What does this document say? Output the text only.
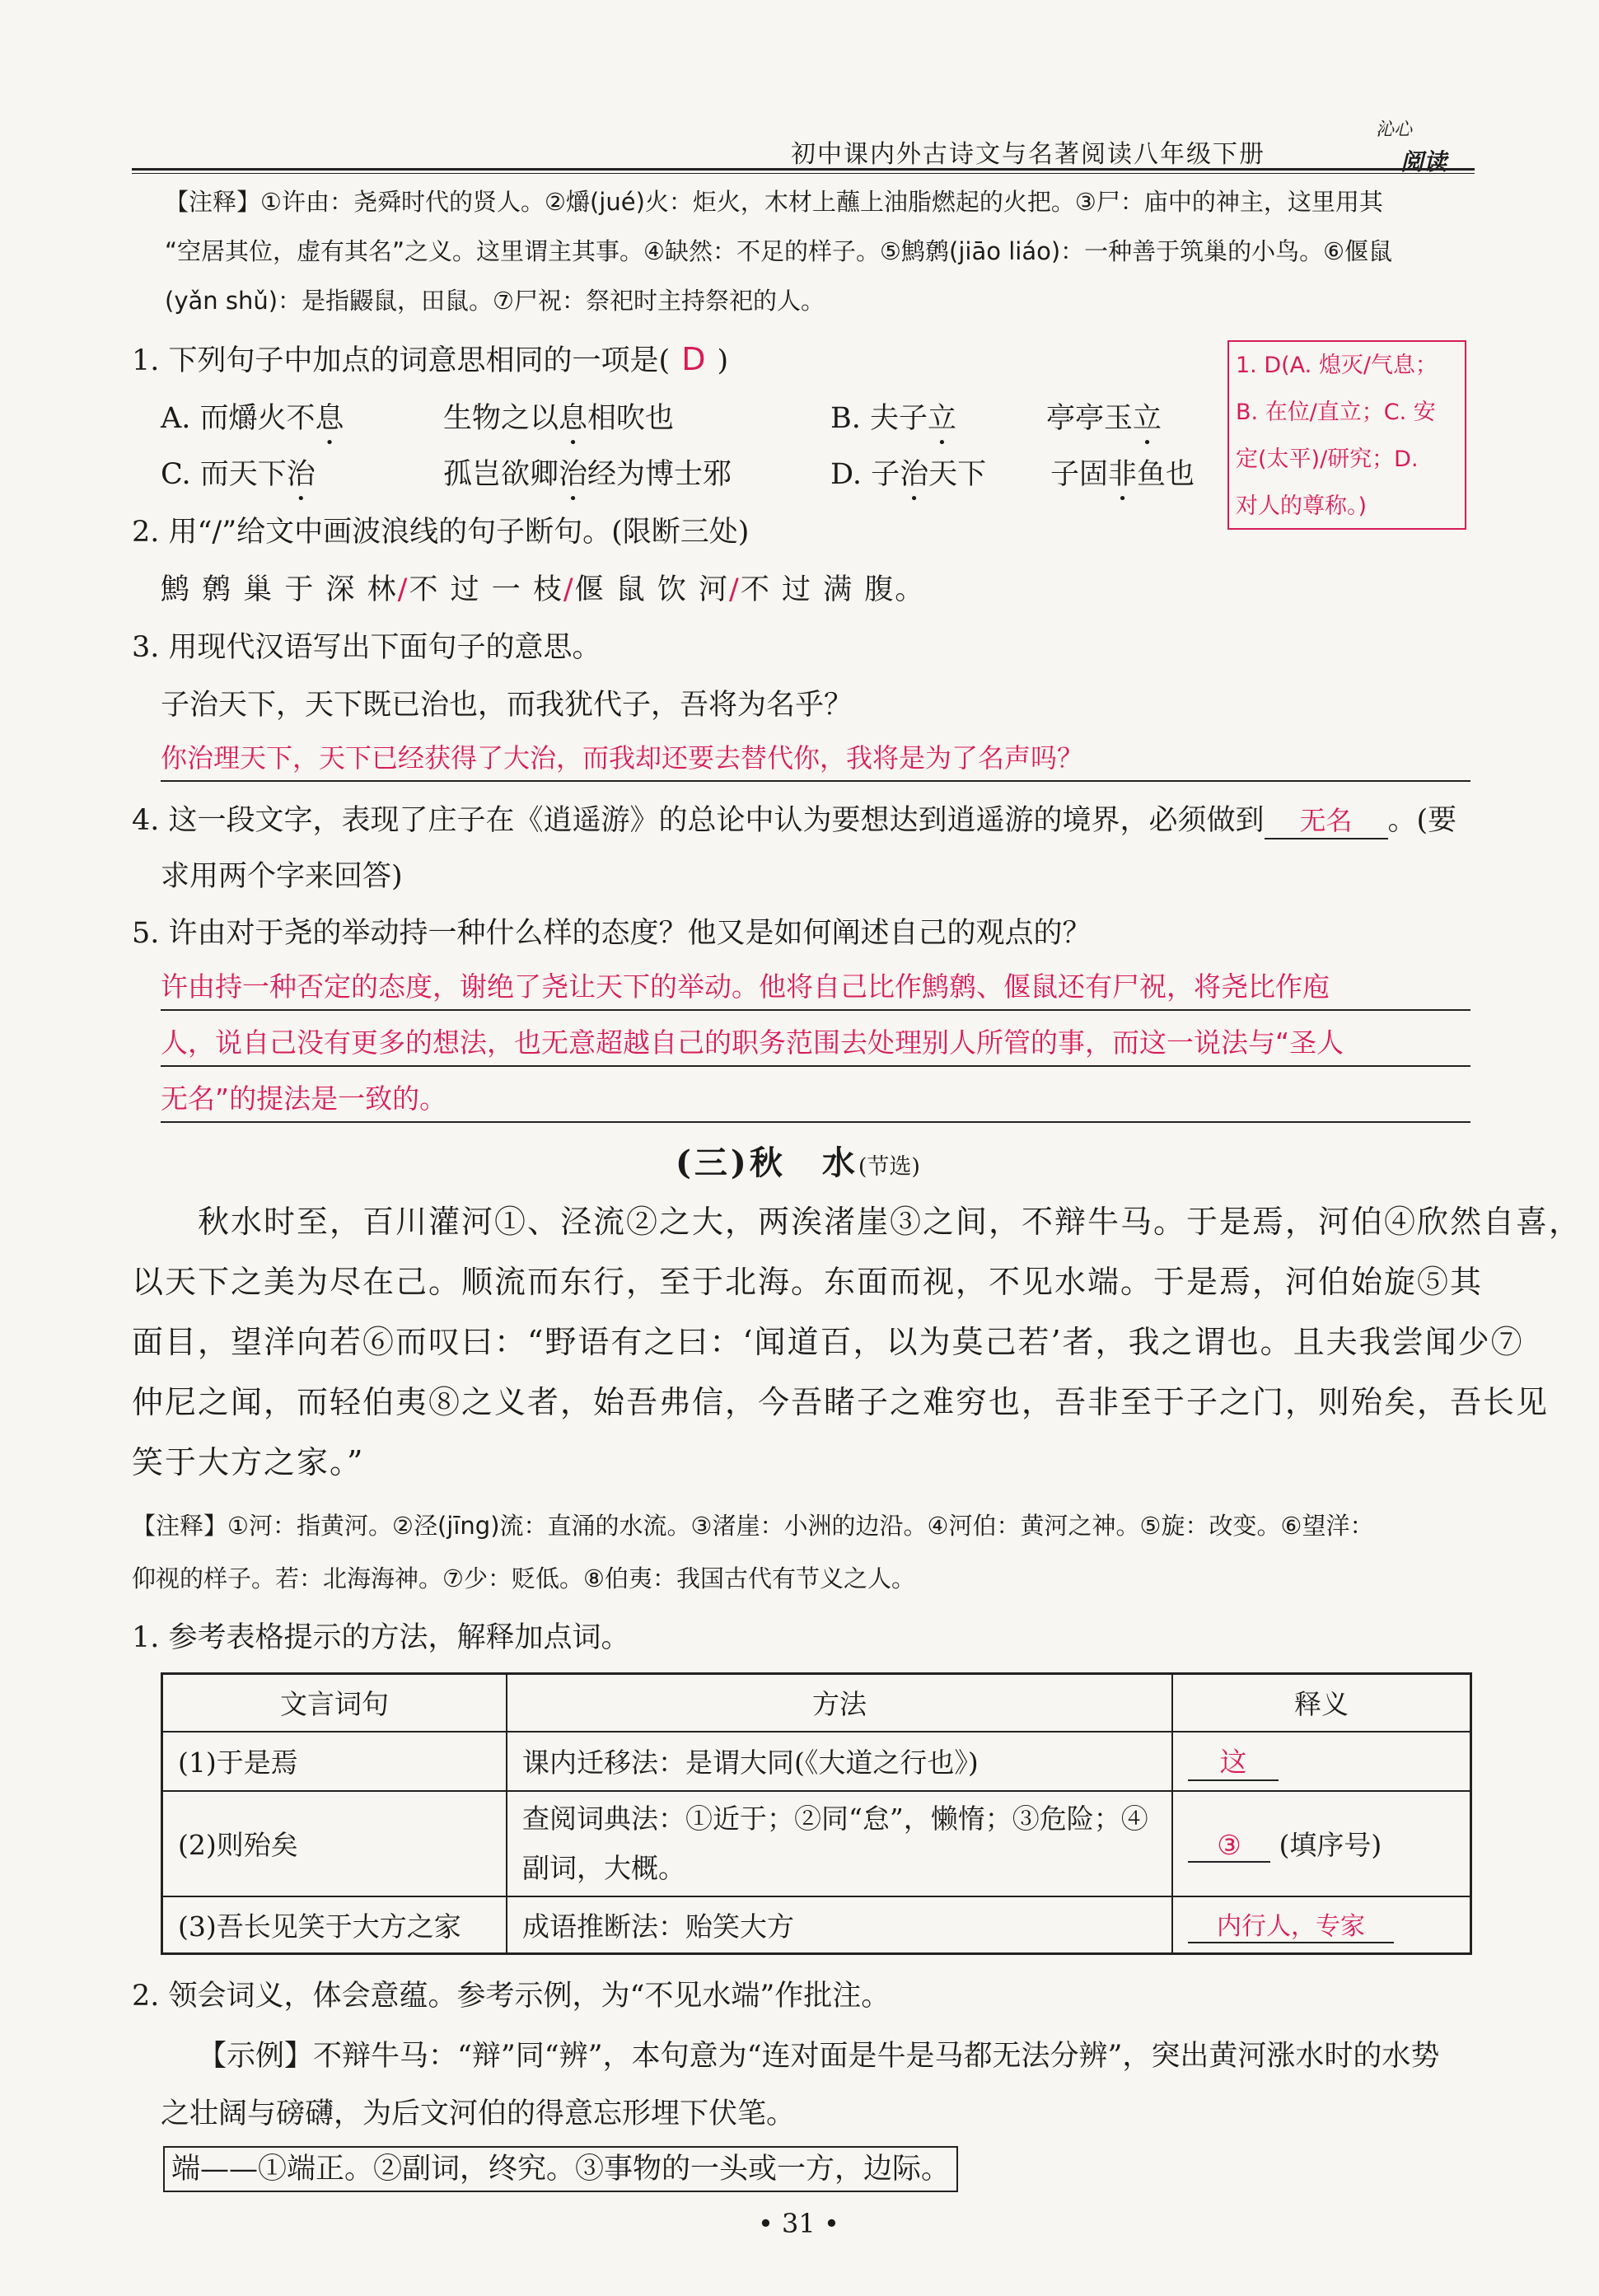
初中课内外古诗文与名著阅读八年级下册
沁心
阅读
【注释】①许由：尧舜时代的贤人。②爝(jué)火：炬火，木材上蘸上油脂燃起的火把。③尸：庙中的神主，这里用其
“空居其位，虚有其名”之义。这里谓主其事。④缺然：不足的样子。⑤鹪鹩(jiāo liáo)：一种善于筑巢的小鸟。⑥偃鼠
(yǎn shǔ)：是指鼹鼠，田鼠。⑦尸祝：祭祀时主持祭祀的人。
1. 下列句子中加点的词意思相同的一项是( D )
A. 而爝火不息	生物之以息相吹也	B. 夫子立	亭亭玉立
C. 而天下治	孤岂欲卿治经为博士邪	D. 子治天下 子固非鱼也
1. D(A. 熄灭/气息；
B. 在位/直立；C. 安
定(太平)/研究；D.
对人的尊称。)
2. 用“/”给文中画波浪线的句子断句。(限断三处)
鹪 鹩 巢 于 深 林/不 过 一 枝/偃 鼠 饮 河/不 过 满 腹。
3. 用现代汉语写出下面句子的意思。
子治天下，天下既已治也，而我犹代子，吾将为名乎？
你治理天下，天下已经获得了大治，而我却还要去替代你，我将是为了名声吗？
4. 这一段文字，表现了庄子在《逍遥游》的总论中认为要想达到逍遥游的境界，必须做到 无名 。(要
求用两个字来回答)
5. 许由对于尧的举动持一种什么样的态度？他又是如何阐述自己的观点的？
许由持一种否定的态度，谢绝了尧让天下的举动。他将自己比作鹪鹩、偃鼠还有尸祝，将尧比作庖
人，说自己没有更多的想法，也无意超越自己的职务范围去处理别人所管的事，而这一说法与“圣人
无名”的提法是一致的。
(三)秋　水(节选)
秋水时至，百川灌河①、泾流②之大，两涘渚崖③之间，不辩牛马。于是焉，河伯④欣然自喜，
以天下之美为尽在己。顺流而东行，至于北海。东面而视，不见水端。于是焉，河伯始旋⑤其
面目，望洋向若⑥而叹曰：“野语有之曰：‘闻道百，以为莫己若’者，我之谓也。且夫我尝闻少⑦
仲尼之闻，而轻伯夷⑧之义者，始吾弗信，今吾睹子之难穷也，吾非至于子之门，则殆矣，吾长见
笑于大方之家。”
【注释】①河：指黄河。②泾(jīng)流：直涌的水流。③渚崖：小洲的边沿。④河伯：黄河之神。⑤旋：改变。⑥望洋：
仰视的样子。若：北海海神。⑦少：贬低。⑧伯夷：我国古代有节义之人。
1. 参考表格提示的方法，解释加点词。
文言词句	方法	释义
(1)于是焉	课内迁移法：是谓大同(《大道之行也》)	这
(2)则殆矣	查阅词典法：①近于；②同“怠”，懒惰；③危险；④
副词，大概。	③ (填序号)
(3)吾长见笑于大方之家	成语推断法：贻笑大方	内行人，专家
2. 领会词义，体会意蕴。参考示例，为“不见水端”作批注。
【示例】不辩牛马：“辩”同“辨”，本句意为“连对面是牛是马都无法分辨”，突出黄河涨水时的水势
之壮阔与磅礴，为后文河伯的得意忘形埋下伏笔。
端——①端正。②副词，终究。③事物的一头或一方，边际。
• 31 •
